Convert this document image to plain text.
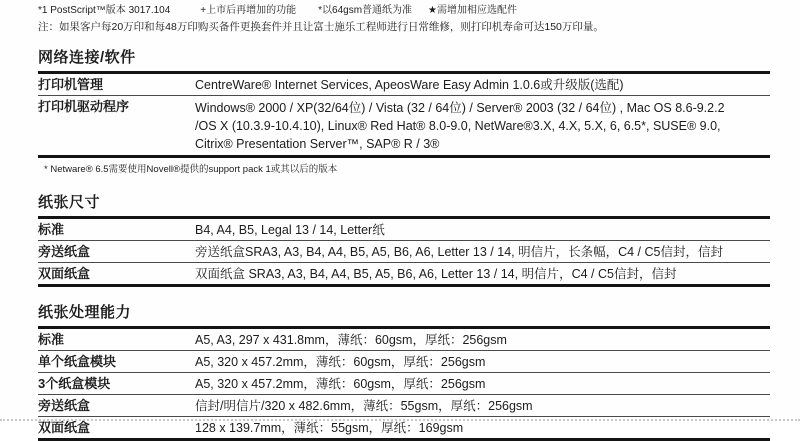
*1 PostScript™版本 3017.104	+上市后再增加的功能 *以64gsm普通纸为准 ★需增加相应选配件
注：如果客户每20万印和每48万印购买备件更换套件并且让富士施乐工程师进行日常维修，则打印机寿命可达150万印量。
网络连接/软件
打印机管理	CentreWare® Internet Services, ApeosWare Easy Admin 1.0.6或升级版(选配)
打印机驱动程序	Windows® 2000 / XP(32/64位) / Vista (32 / 64位) / Server® 2003 (32 / 64位) , Mac OS 8.6-9.2.2
/OS X (10.3.9-10.4.10), Linux® Red Hat® 8.0-9.0, NetWare®3.X, 4.X, 5.X, 6, 6.5*, SUSE® 9.0,
Citrix® Presentation Server™, SAP® R / 3®
* Netware® 6.5需要使用Novell®提供的support pack 1或其以后的版本
纸张尺寸
标准	B4, A4, B5, Legal 13 / 14, Letter纸
旁送纸盒	旁送纸盒SRA3, A3, B4, A4, B5, A5, B6, A6, Letter 13 / 14, 明信片，长条幅，C4 / C5信封，信封
双面纸盒	双面纸盒 SRA3, A3, B4, A4, B5, A5, B6, A6, Letter 13 / 14, 明信片，C4 / C5信封，信封
纸张处理能力
标准	A5, A3, 297 x 431.8mm，薄纸：60gsm，厚纸：256gsm
单个纸盒模块	A5, 320 x 457.2mm，薄纸：60gsm，厚纸：256gsm
3个纸盒模块	A5, 320 x 457.2mm，薄纸：60gsm，厚纸：256gsm
旁送纸盒	信封/明信片/320 x 482.6mm，薄纸：55gsm，厚纸：256gsm
双面纸盒	128 x 139.7mm，薄纸：55gsm，厚纸：169gsm
